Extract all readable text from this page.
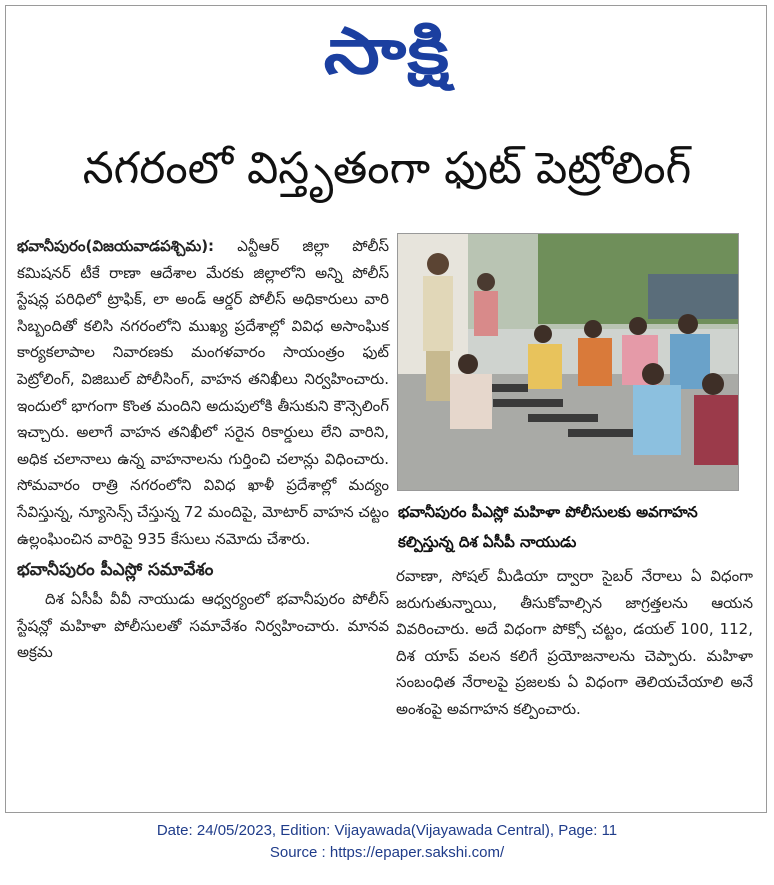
సాక్షి
నగరంలో విస్తృతంగా ఫుట్ పెట్రోలింగ్

భవానీపురం(విజయవాడపశ్చిమ): ఎన్టీఆర్ జిల్లా పోలీస్ కమిషనర్ టీకే రాణా ఆదేశాల మేరకు జిల్లాలోని అన్ని పోలీస్ స్టేషన్ల పరిధిలో ట్రాఫిక్, లా అండ్ ఆర్డర్ పోలీస్ అధికారులు వారి సిబ్బందితో కలిసి నగరంలోని ముఖ్య ప్రదేశాల్లో వివిధ అసాంఘిక కార్యకలాపాల నివారణకు మంగళవారం సాయంత్రం ఫుట్ పెట్రోలింగ్, విజిబుల్ పోలీసింగ్, వాహన తనిఖీలు నిర్వహించారు. ఇందులో భాగంగా కొంత మందిని అదుపులోకి తీసుకుని కౌన్సెలింగ్ ఇచ్చారు. అలాగే వాహన తనిఖీలో సరైన రికార్డులు లేని వారిని, అధిక చలానాలు ఉన్న వాహనాలను గుర్తించి చలాన్లు విధించారు. సోమవారం రాత్రి నగరంలోని వివిధ ఖాళీ ప్రదేశాల్లో మద్యం సేవిస్తున్న, న్యూసెన్స్ చేస్తున్న 72 మందిపై, మోటార్ వాహన చట్టం ఉల్లంఘించిన వారిపై 935 కేసులు నమోదు చేశారు.

భవానీపురం పీఎస్లో సమావేశం

దిశ ఏసీపీ వీవీ నాయుడు ఆధ్వర్యంలో భవానీపురం పోలీస్ స్టేషన్లో మహిళా పోలీసులతో సమావేశం నిర్వహించారు. మానవ అక్రమ

భవానీపురం పీఎస్లో మహిళా పోలీసులకు అవగాహన కల్పిస్తున్న దిశ ఏసీపీ నాయుడు

రవాణా, సోషల్ మీడియా ద్వారా సైబర్ నేరాలు ఏ విధంగా జరుగుతున్నాయి, తీసుకోవాల్సిన జాగ్రత్తలను ఆయన వివరించారు. అదే విధంగా పోక్సో చట్టం, డయల్ 100, 112, దిశ యాప్ వలన కలిగే ప్రయోజనాలను చెప్పారు. మహిళా సంబంధిత నేరాలపై ప్రజలకు ఏ విధంగా తెలియచేయాలి అనే అంశంపై అవగాహన కల్పించారు.

Date: 24/05/2023, Edition: Vijayawada(Vijayawada Central), Page: 11
Source : https://epaper.sakshi.com/
